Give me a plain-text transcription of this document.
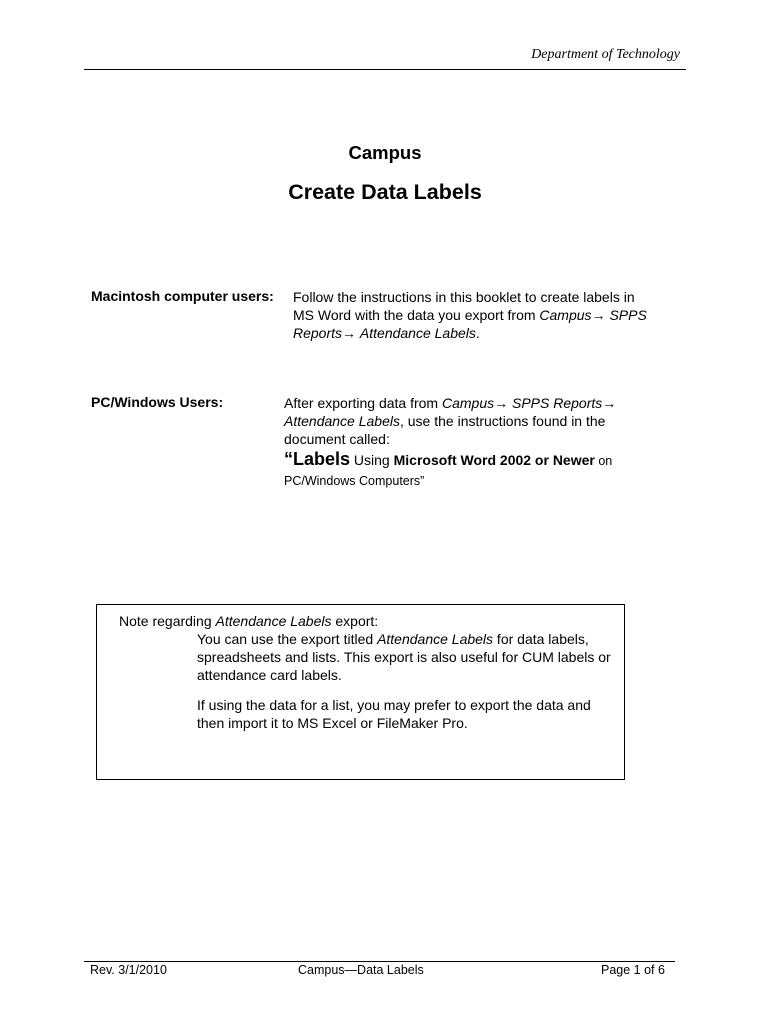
Department of Technology
Campus
Create Data Labels
Macintosh computer users: Follow the instructions in this booklet to create labels in
MS Word with the data you export from Campus→ SPPS
Reports→ Attendance Labels.
PC/Windows Users:	After exporting data from Campus→ SPPS Reports→
Attendance Labels, use the instructions found in the
document called:
“Labels Using Microsoft Word 2002 or Newer on
PC/Windows Computers”
Note regarding Attendance Labels export:
You can use the export titled Attendance Labels for data labels, spreadsheets and lists. This export is also useful for CUM labels or attendance card labels.
If using the data for a list, you may prefer to export the data and then import it to MS Excel or FileMaker Pro.
Rev. 3/1/2010	Campus—Data Labels	Page 1 of 6
